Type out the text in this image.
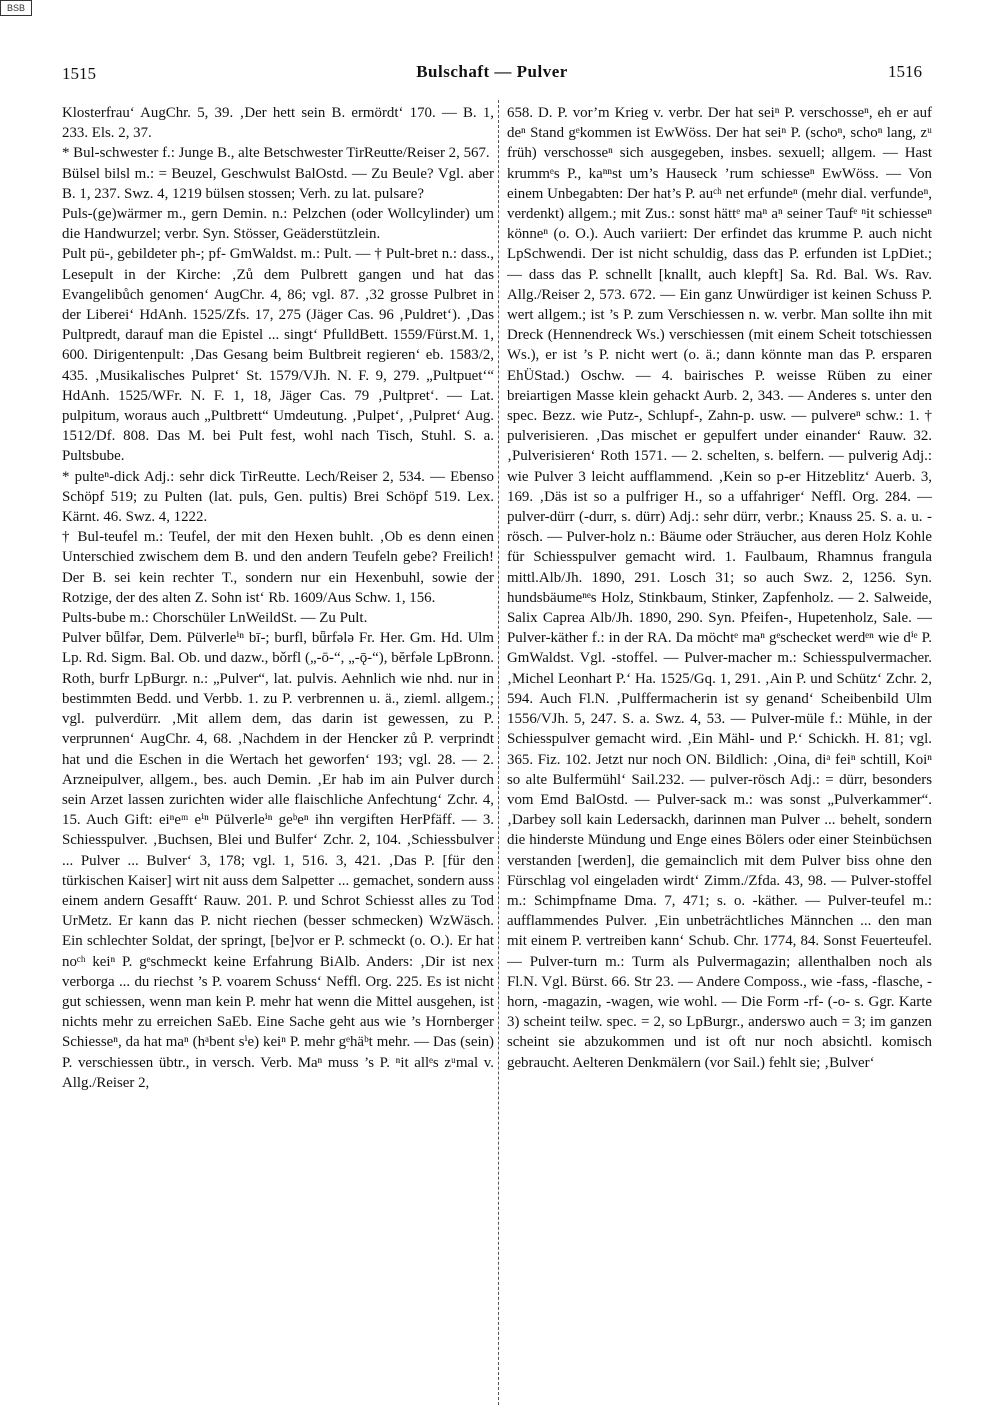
BSB
1515	Bulschaft — Pulver	1516

Klosterfrau‘ AugChr. 5, 39. ‚Der hett sein B. ermördt‘ 170. — B. 1, 233. Els. 2, 37.

* Bul-schwester f.: Junge B., alte Betschwester TirReutte/Reiser 2, 567.

Bülsel bilsl m.: = Beuzel, Geschwulst BalOstd. — Zu Beule? Vgl. aber B. 1, 237. Swz. 4, 1219 bülsen stossen; Verh. zu lat. pulsare?

Puls-(ge)wärmer m., gern Demin. n.: Pelzchen (oder Wollcylinder) um die Handwurzel; verbr. Syn. Stösser, Geäderstützlein.

Pult pü-, gebildeter ph-; pf- GmWaldst. m.: Pult. — † Pult-bret n.: dass., Lesepult in der Kirche: ‚Zů dem Pulbrett gangen und hat das Evangelibůch genomen‘ AugChr. 4, 86; vgl. 87. ‚32 grosse Pulbret in der Liberei‘ HdAnh. 1525/Zfs. 17, 275 (Jäger Cas. 96 ‚Puldret‘). ‚Das Pultpredt, darauf man die Epistel ... singt‘ PfulldBett. 1559/Fürst.M. 1, 600. Dirigentenpult: ‚Das Gesang beim Bultbreit regieren‘ eb. 1583/2, 435. ‚Musikalisches Pulpret‘ St. 1579/VJh. N. F. 9, 279. „Pultpuet‘“ HdAnh. 1525/WFr. N. F. 1, 18, Jäger Cas. 79 ‚Pultpret‘. — Lat. pulpitum, woraus auch „Pultbrett“ Umdeutung. ‚Pulpet‘, ‚Pulpret‘ Aug. 1512/Df. 808. Das M. bei Pult fest, wohl nach Tisch, Stuhl. S. a. Pultsbube.

* pulteⁿ-dick Adj.: sehr dick TirReutte. Lech/Reiser 2, 534. — Ebenso Schöpf 519; zu Pulten (lat. puls, Gen. pultis) Brei Schöpf 519. Lex. Kärnt. 46. Swz. 4, 1222.

† Bul-teufel m.: Teufel, der mit den Hexen buhlt. ‚Ob es denn einen Unterschied zwischem dem B. und den andern Teufeln gebe? Freilich! Der B. sei kein rechter T., sondern nur ein Hexenbuhl, sowie der Rotzige, der des alten Z. Sohn ist‘ Rb. 1609/Aus Schw. 1, 156.

Pults-bube m.: Chorschüler LnWeildSt. — Zu Pult.

Pulver bǖlfər, Dem. Pülverleⁱⁿ bī-; burfl, bǖrfələ Fr. Her. Gm. Hd. Ulm Lp. Rd. Sigm. Bal. Ob. und dazw., bǒrfl („-ō-“, „-ǭ-“), bĕrfəle LpBronn. Roth, burfr LpBurgr. n.: „Pulver“, lat. pulvis. Aehnlich wie nhd. nur in bestimmten Bedd. und Verbb. 1. zu P. verbrennen u. ä., zieml. allgem.; vgl. pulverdürr. ‚Mit allem dem, das darin ist gewessen, zu P. verprunnen‘ AugChr. 4, 68. ‚Nachdem in der Hencker zů P. verprindt hat und die Eschen in die Wertach het geworfen‘ 193; vgl. 28. — 2. Arzneipulver, allgem., bes. auch Demin. ‚Er hab im ain Pulver durch sein Arzet lassen zurichten wider alle flaischliche Anfechtung‘ Zchr. 4, 15. Auch Gift: eiⁿeᵐ eⁱⁿ Pülverleⁱⁿ geᵇeⁿ ihn vergiften HerPfäff. — 3. Schiesspulver. ‚Buchsen, Blei und Bulfer‘ Zchr. 2, 104. ‚Schiessbulver ... Pulver ... Bulver‘ 3, 178; vgl. 1, 516. 3, 421. ‚Das P. [für den türkischen Kaiser] wirt nit auss dem Salpetter ... gemachet, sondern auss einem andern Gesafft‘ Rauw. 201. P. und Schrot Schiesst alles zu Tod UrMetz. Er kann das P. nicht riechen (besser schmecken) WzWäsch. Ein schlechter Soldat, der springt, [be]vor er P. schmeckt (o. O.). Er hat noᶜʰ keiⁿ P. gᵉschmeckt keine Erfahrung BiAlb. Anders: ‚Dir ist nex verborga ... du riechst ’s P. voarem Schuss‘ Neffl. Org. 225. Es ist nicht gut schiessen, wenn man kein P. mehr hat wenn die Mittel ausgehen, ist nichts mehr zu erreichen SaEb. Eine Sache geht aus wie ’s Hornberger Schiesseⁿ, da hat maⁿ (hᵃbent sⁱe) keiⁿ P. mehr gᵉhäᵇt mehr. — Das (sein) P. verschiessen übtr., in versch. Verb. Maⁿ muss ’s P. ⁿit allᵉs zᵘmal v. Allg./Reiser 2,

658. D. P. vor’m Krieg v. verbr. Der hat seiⁿ P. verschosseⁿ, eh er auf deⁿ Stand gᵉkommen ist EwWöss. Der hat seiⁿ P. (schoⁿ, schoⁿ lang, zᵘ früh) verschosseⁿ sich ausgegeben, insbes. sexuell; allgem. — Hast krummᵉs P., kaⁿⁿst um’s Hauseck ’rum schiesseⁿ EwWöss. — Von einem Unbegabten: Der hat’s P. auᶜʰ net erfundeⁿ (mehr dial. verfundeⁿ, verdenkt) allgem.; mit Zus.: sonst hättᵉ maⁿ aⁿ seiner Taufᵉ ⁿit schiesseⁿ könneⁿ (o. O.). Auch variiert: Der erfindet das krumme P. auch nicht LpSchwendi. Der ist nicht schuldig, dass das P. erfunden ist LpDiet.; — dass das P. schnellt [knallt, auch klepft] Sa. Rd. Bal. Ws. Rav. Allg./Reiser 2, 573. 672. — Ein ganz Unwürdiger ist keinen Schuss P. wert allgem.; ist ’s P. zum Verschiessen n. w. verbr. Man sollte ihn mit Dreck (Hennendreck Ws.) verschiessen (mit einem Scheit totschiessen Ws.), er ist ’s P. nicht wert (o. ä.; dann könnte man das P. ersparen EhÜStad.) Oschw. — 4. bairisches P. weisse Rüben zu einer breiartigen Masse klein gehackt Aurb. 2, 343. — Anderes s. unter den spec. Bezz. wie Putz-, Schlupf-, Zahn-p. usw. — pulvereⁿ schw.: 1. † pulverisieren. ‚Das mischet er gepulfert under einander‘ Rauw. 32. ‚Pulverisieren‘ Roth 1571. — 2. schelten, s. belfern. — pulverig Adj.: wie Pulver 3 leicht aufflammend. ‚Kein so p-er Hitzeblitz‘ Auerb. 3, 169. ‚Däs ist so a pulfriger H., so a uffahriger‘ Neffl. Org. 284. — pulver-dürr (-durr, s. dürr) Adj.: sehr dürr, verbr.; Knauss 25. S. a. u. -rösch. — Pulver-holz n.: Bäume oder Sträucher, aus deren Holz Kohle für Schiesspulver gemacht wird. 1. Faulbaum, Rhamnus frangula mittl.Alb/Jh. 1890, 291. Losch 31; so auch Swz. 2, 1256. Syn. hundsbäumeⁿᵉs Holz, Stinkbaum, Stinker, Zapfenholz. — 2. Salweide, Salix Caprea Alb/Jh. 1890, 290. Syn. Pfeifen-, Hupetenholz, Sale. — Pulver-käther f.: in der RA. Da möchtᵉ maⁿ gᵉschecket werdᵉⁿ wie dⁱᵉ P. GmWaldst. Vgl. -stoffel. — Pulver-macher m.: Schiesspulvermacher. ‚Michel Leonhart P.‘ Ha. 1525/Gq. 1, 291. ‚Ain P. und Schütz‘ Zchr. 2, 594. Auch Fl.N. ‚Pulffermacherin ist sy genand‘ Scheibenbild Ulm 1556/VJh. 5, 247. S. a. Swz. 4, 53. — Pulver-müle f.: Mühle, in der Schiesspulver gemacht wird. ‚Ein Mähl- und P.‘ Schickh. H. 81; vgl. 365. Fiz. 102. Jetzt nur noch ON. Bildlich: ‚Oina, diᵃ feiⁿ schtill, Koiⁿ so alte Bulfermühl‘ Sail.232. — pulver-rösch Adj.: = dürr, besonders vom Emd BalOstd. — Pulver-sack m.: was sonst „Pulverkammer“. ‚Darbey soll kain Ledersackh, darinnen man Pulver ... behelt, sondern die hinderste Mündung und Enge eines Bölers oder einer Steinbüchsen verstanden [werden], die gemainclich mit dem Pulver biss ohne den Fürschlag vol eingeladen wirdt‘ Zimm./Zfda. 43, 98. — Pulver-stoffel m.: Schimpfname Dma. 7, 471; s. o. -käther. — Pulver-teufel m.: aufflammendes Pulver. ‚Ein unbeträchtliches Männchen ... den man mit einem P. vertreiben kann‘ Schub. Chr. 1774, 84. Sonst Feuerteufel. — Pulver-turn m.: Turm als Pulvermagazin; allenthalben noch als Fl.N. Vgl. Bürst. 66. Str 23. — Andere Composs., wie -fass, -flasche, -horn, -magazin, -wagen, wie wohl. — Die Form -rf- (-o- s. Ggr. Karte 3) scheint teilw. spec. = 2, so LpBurgr., anderswo auch = 3; im ganzen scheint sie abzukommen und ist oft nur noch absichtl. komisch gebraucht. Aelteren Denkmälern (vor Sail.) fehlt sie; ‚Bulver‘
